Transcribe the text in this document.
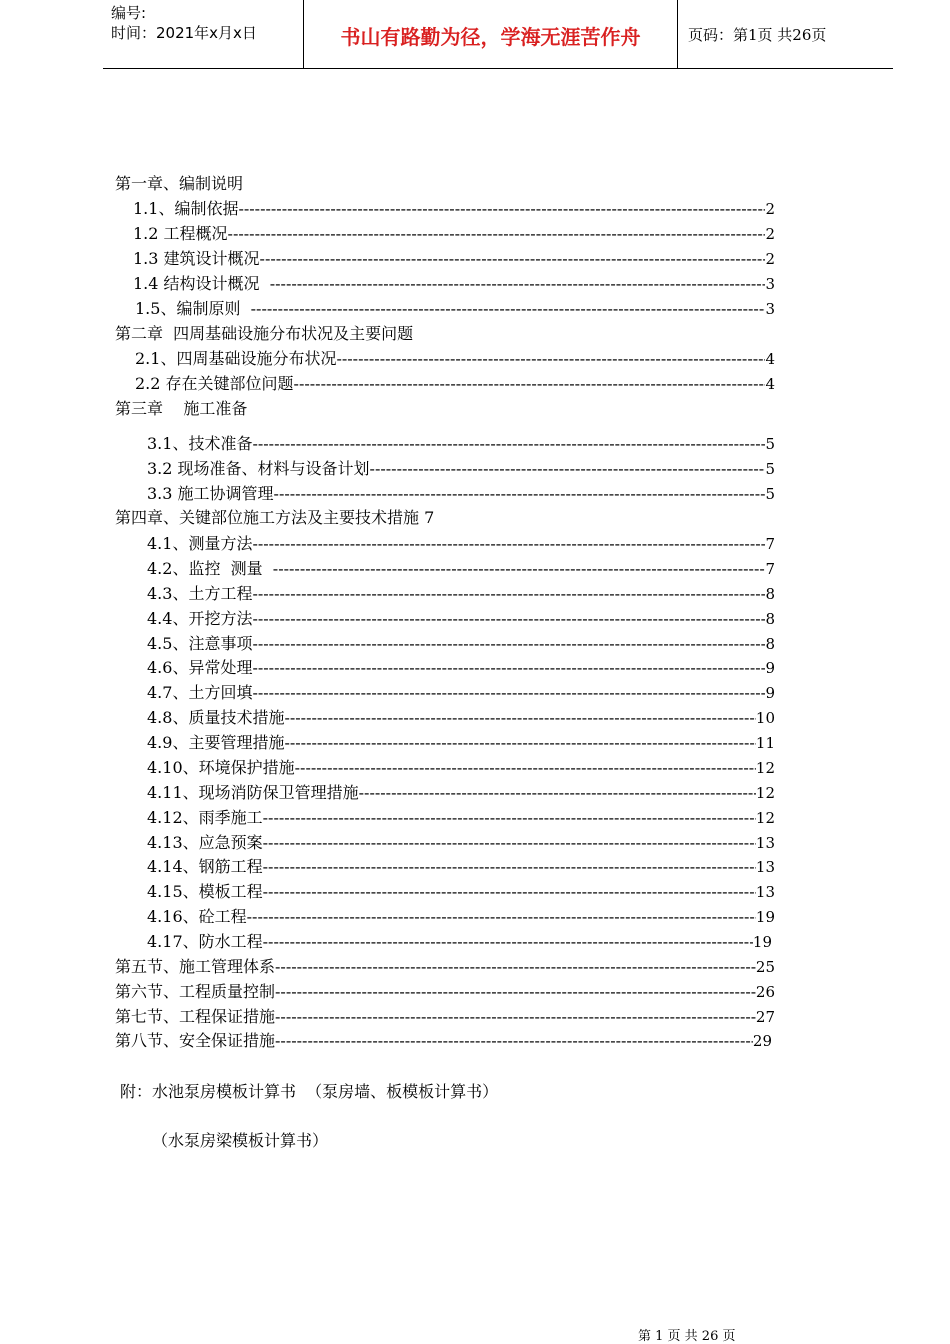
编号:
时间：2021年x月x日	书山有路勤为径，学海无涯苦作舟	页码：第1页 共26页
第一章、编制说明
1.1、编制依据 -----	2
1.2 工程概况 -----	2
1.3 建筑设计概况 -----	2
1.4 结构设计概况 -----	3
1.5、编制原则 -----	3
第二章  四周基础设施分布状况及主要问题
2.1、四周基础设施分布状况 -----	4
2.2 存在关键部位问题 -----	4
第三章    施工准备
3.1、技术准备 -----	5
3.2 现场准备、材料与设备计划 -----	5
3.3 施工协调管理 -----	5
第四章、关键部位施工方法及主要技术措施 7
4.1、测量方法 -----	7
4.2、监控  测量 -----	7
4.3、土方工程 -----	8
4.4、开挖方法 -----	8
4.5、注意事项 -----	8
4.6、异常处理 -----	9
4.7、土方回填 -----	9
4.8、质量技术措施 -----	10
4.9、主要管理措施 -----	11
4.10、环境保护措施 -----	12
4.11、现场消防保卫管理措施 -----	12
4.12、雨季施工 -----	12
4.13、应急预案 -----	13
4.14、钢筋工程 -----	13
4.15、模板工程 -----	13
4.16、砼工程 -----	19
4.17、防水工程 -----	19
第五节、施工管理体系 -----	25
第六节、工程质量控制 -----	26
第七节、工程保证措施 -----	27
第八节、安全保证措施 -----	29
附：水池泵房模板计算书  （泵房墙、板模板计算书）
（水泵房梁模板计算书）
第 1 页 共 26 页
